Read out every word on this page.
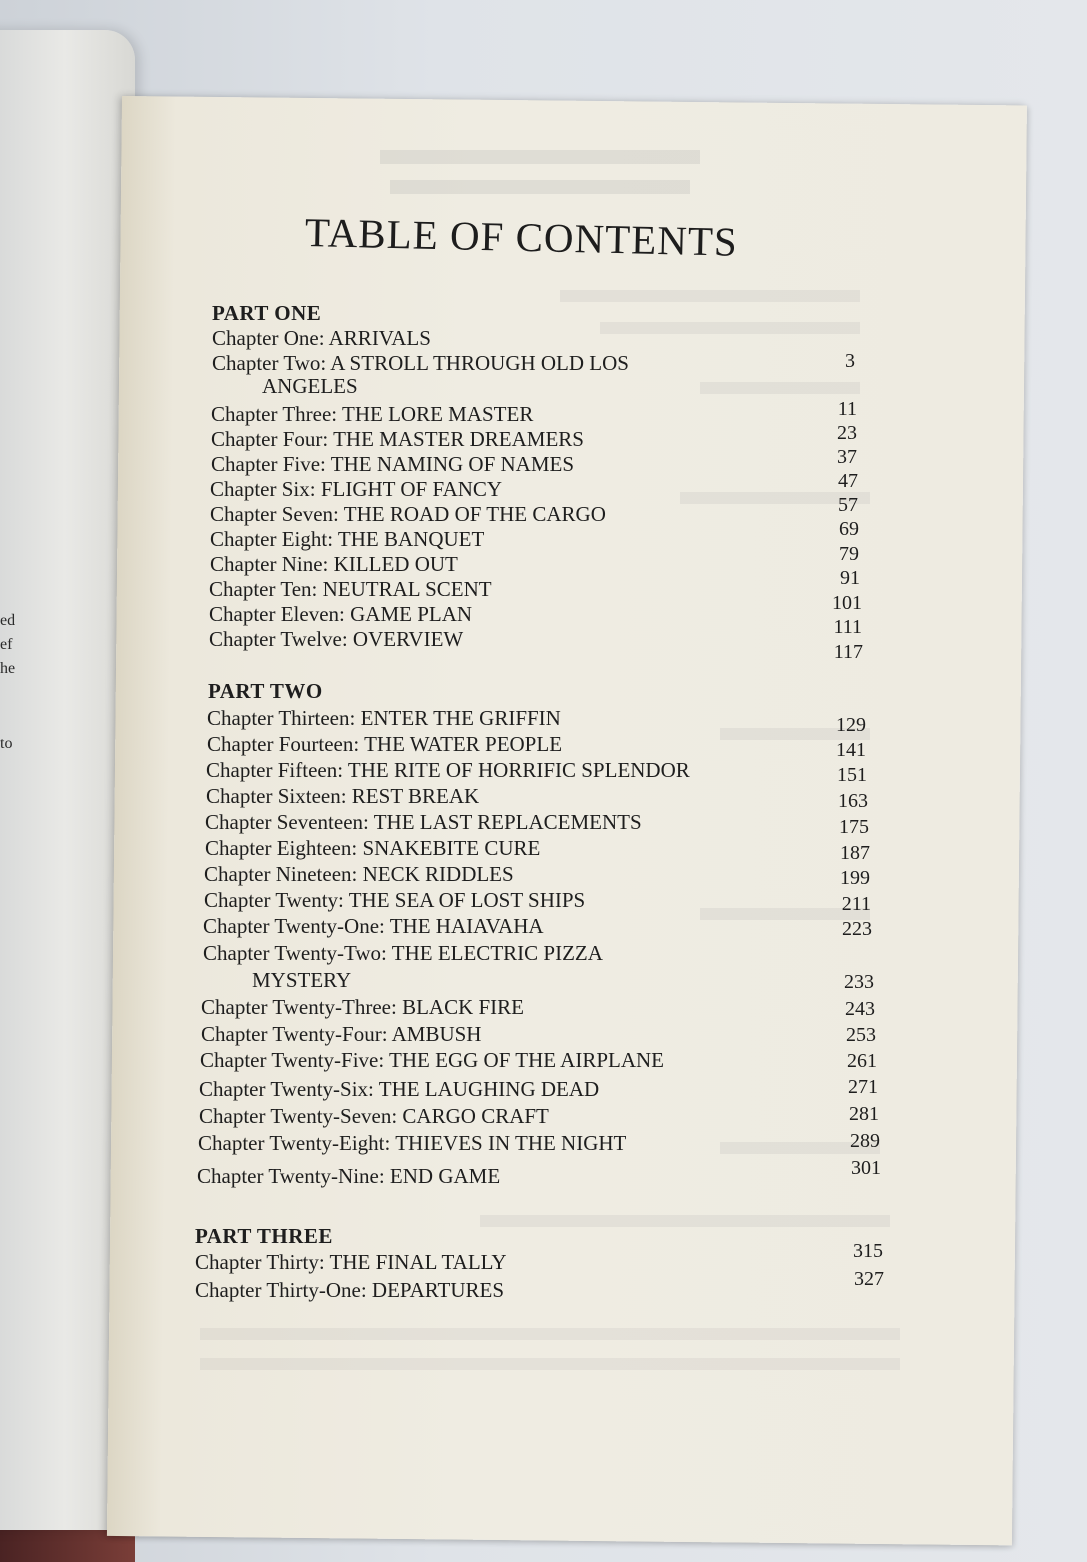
ed
ef
he
to
TABLE OF CONTENTS
PART ONE
Chapter One: ARRIVALS
Chapter Two: A STROLL THROUGH OLD LOS
ANGELES
Chapter Three: THE LORE MASTER
Chapter Four: THE MASTER DREAMERS
Chapter Five: THE NAMING OF NAMES
Chapter Six: FLIGHT OF FANCY
Chapter Seven: THE ROAD OF THE CARGO
Chapter Eight: THE BANQUET
Chapter Nine: KILLED OUT
Chapter Ten: NEUTRAL SCENT
Chapter Eleven: GAME PLAN
Chapter Twelve: OVERVIEW
3
11
23
37
47
57
69
79
91
101
111
117
PART TWO
Chapter Thirteen: ENTER THE GRIFFIN
Chapter Fourteen: THE WATER PEOPLE
Chapter Fifteen: THE RITE OF HORRIFIC SPLENDOR
Chapter Sixteen: REST BREAK
Chapter Seventeen: THE LAST REPLACEMENTS
Chapter Eighteen: SNAKEBITE CURE
Chapter Nineteen: NECK RIDDLES
Chapter Twenty: THE SEA OF LOST SHIPS
Chapter Twenty-One: THE HAIAVAHA
Chapter Twenty-Two: THE ELECTRIC PIZZA
MYSTERY
Chapter Twenty-Three: BLACK FIRE
Chapter Twenty-Four: AMBUSH
Chapter Twenty-Five: THE EGG OF THE AIRPLANE
Chapter Twenty-Six: THE LAUGHING DEAD
Chapter Twenty-Seven: CARGO CRAFT
Chapter Twenty-Eight: THIEVES IN THE NIGHT
Chapter Twenty-Nine: END GAME
129
141
151
163
175
187
199
211
223
233
243
253
261
271
281
289
301
PART THREE
Chapter Thirty: THE FINAL TALLY
Chapter Thirty-One: DEPARTURES
315
327
